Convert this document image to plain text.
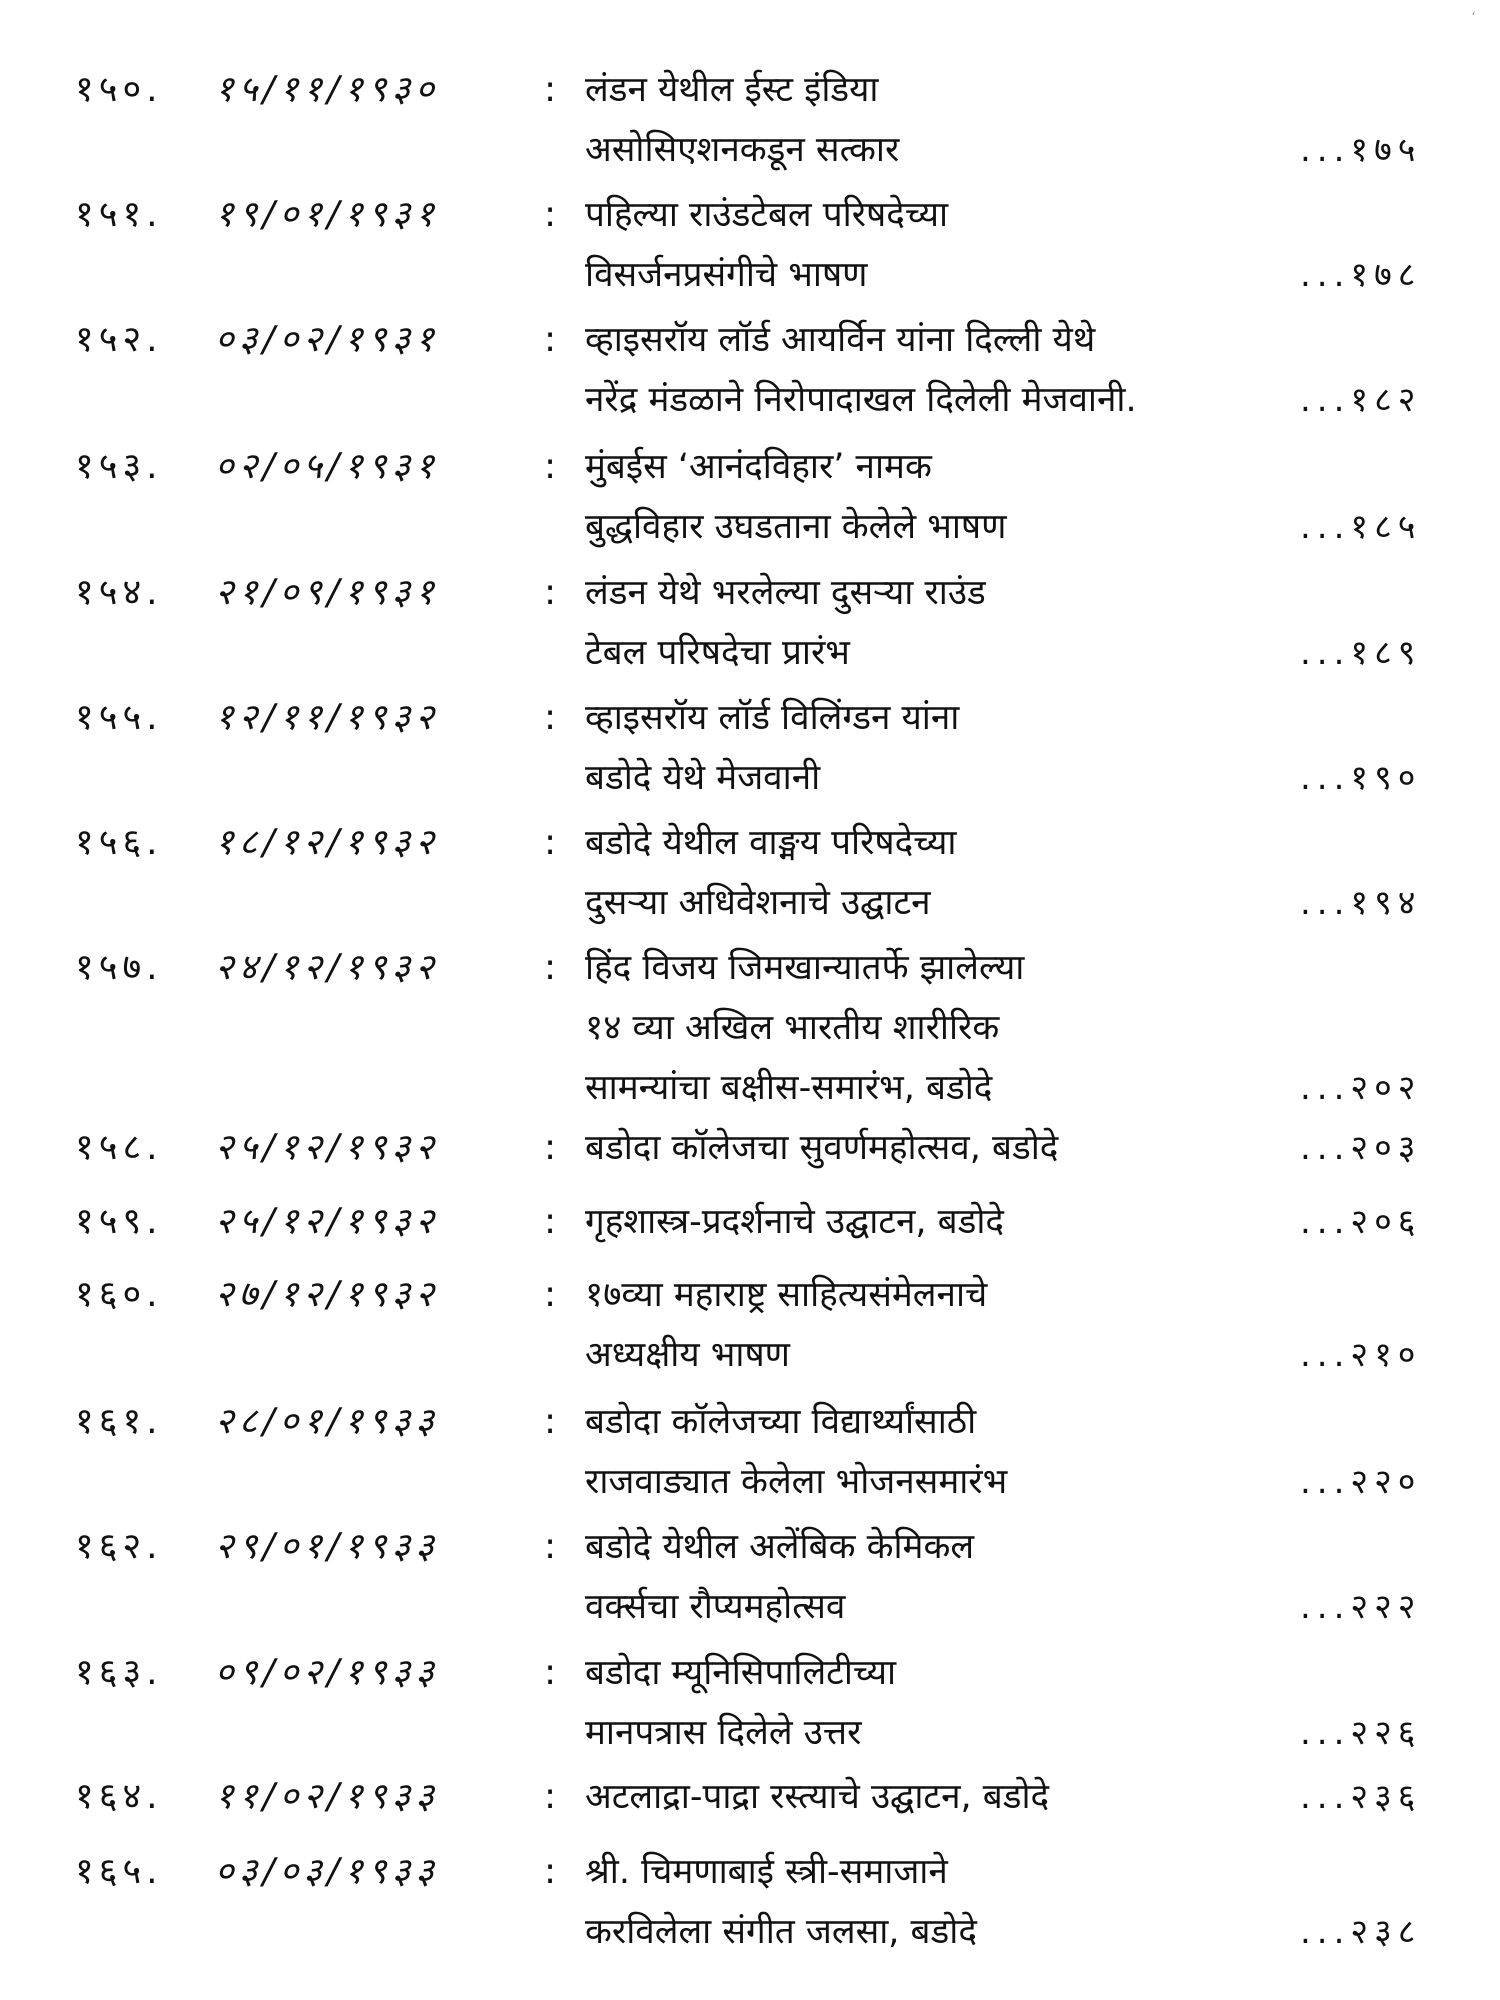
‘
१५०.	१५/११/१९३०	: लंडन येथील ईस्ट इंडिया
असोसिएशनकडून सत्कार	...१७५
१५१.	१९/०१/१९३१	: पहिल्या राउंडटेबल परिषदेच्या
विसर्जनप्रसंगीचे भाषण	...१७८
१५२.	०३/०२/१९३१	: व्हाइसरॉय लॉर्ड आयर्विन यांना दिल्ली येथे
नरेंद्र मंडळाने निरोपादाखल दिलेली मेजवानी.	...१८२
१५३.	०२/०५/१९३१	: मुंबईस ‘आनंदविहार’ नामक
बुद्धविहार उघडताना केलेले भाषण	...१८५
१५४.	२१/०९/१९३१	: लंडन येथे भरलेल्या दुसऱ्या राउंड
टेबल परिषदेचा प्रारंभ	...१८९
१५५.	१२/११/१९३२	: व्हाइसरॉय लॉर्ड विलिंग्डन यांना
बडोदे येथे मेजवानी	...१९०
१५६.	१८/१२/१९३२	: बडोदे येथील वाङ्मय परिषदेच्या
दुसऱ्या अधिवेशनाचे उद्घाटन	...१९४
१५७.	२४/१२/१९३२	: हिंद विजय जिमखान्यातर्फे झालेल्या
१४ व्या अखिल भारतीय शारीरिक
सामन्यांचा बक्षीस-समारंभ, बडोदे	...२०२
१५८.	२५/१२/१९३२	: बडोदा कॉलेजचा सुवर्णमहोत्सव, बडोदे	...२०३
१५९.	२५/१२/१९३२	: गृहशास्त्र-प्रदर्शनाचे उद्घाटन, बडोदे	...२०६
१६०.	२७/१२/१९३२	: १७व्या महाराष्ट्र साहित्यसंमेलनाचे
अध्यक्षीय भाषण	...२१०
१६१.	२८/०१/१९३३	: बडोदा कॉलेजच्या विद्यार्थ्यांसाठी
राजवाड्यात केलेला भोजनसमारंभ	...२२०
१६२.	२९/०१/१९३३	: बडोदे येथील अलेंबिक केमिकल
वर्क्सचा रौप्यमहोत्सव	...२२२
१६३.	०९/०२/१९३३	: बडोदा म्यूनिसिपालिटीच्या
मानपत्रास दिलेले उत्तर	...२२६
१६४.	११/०२/१९३३	: अटलाद्रा-पाद्रा रस्त्याचे उद्घाटन, बडोदे	...२३६
१६५.	०३/०३/१९३३	: श्री. चिमणाबाई स्त्री-समाजाने
करविलेला संगीत जलसा, बडोदे	...२३८
